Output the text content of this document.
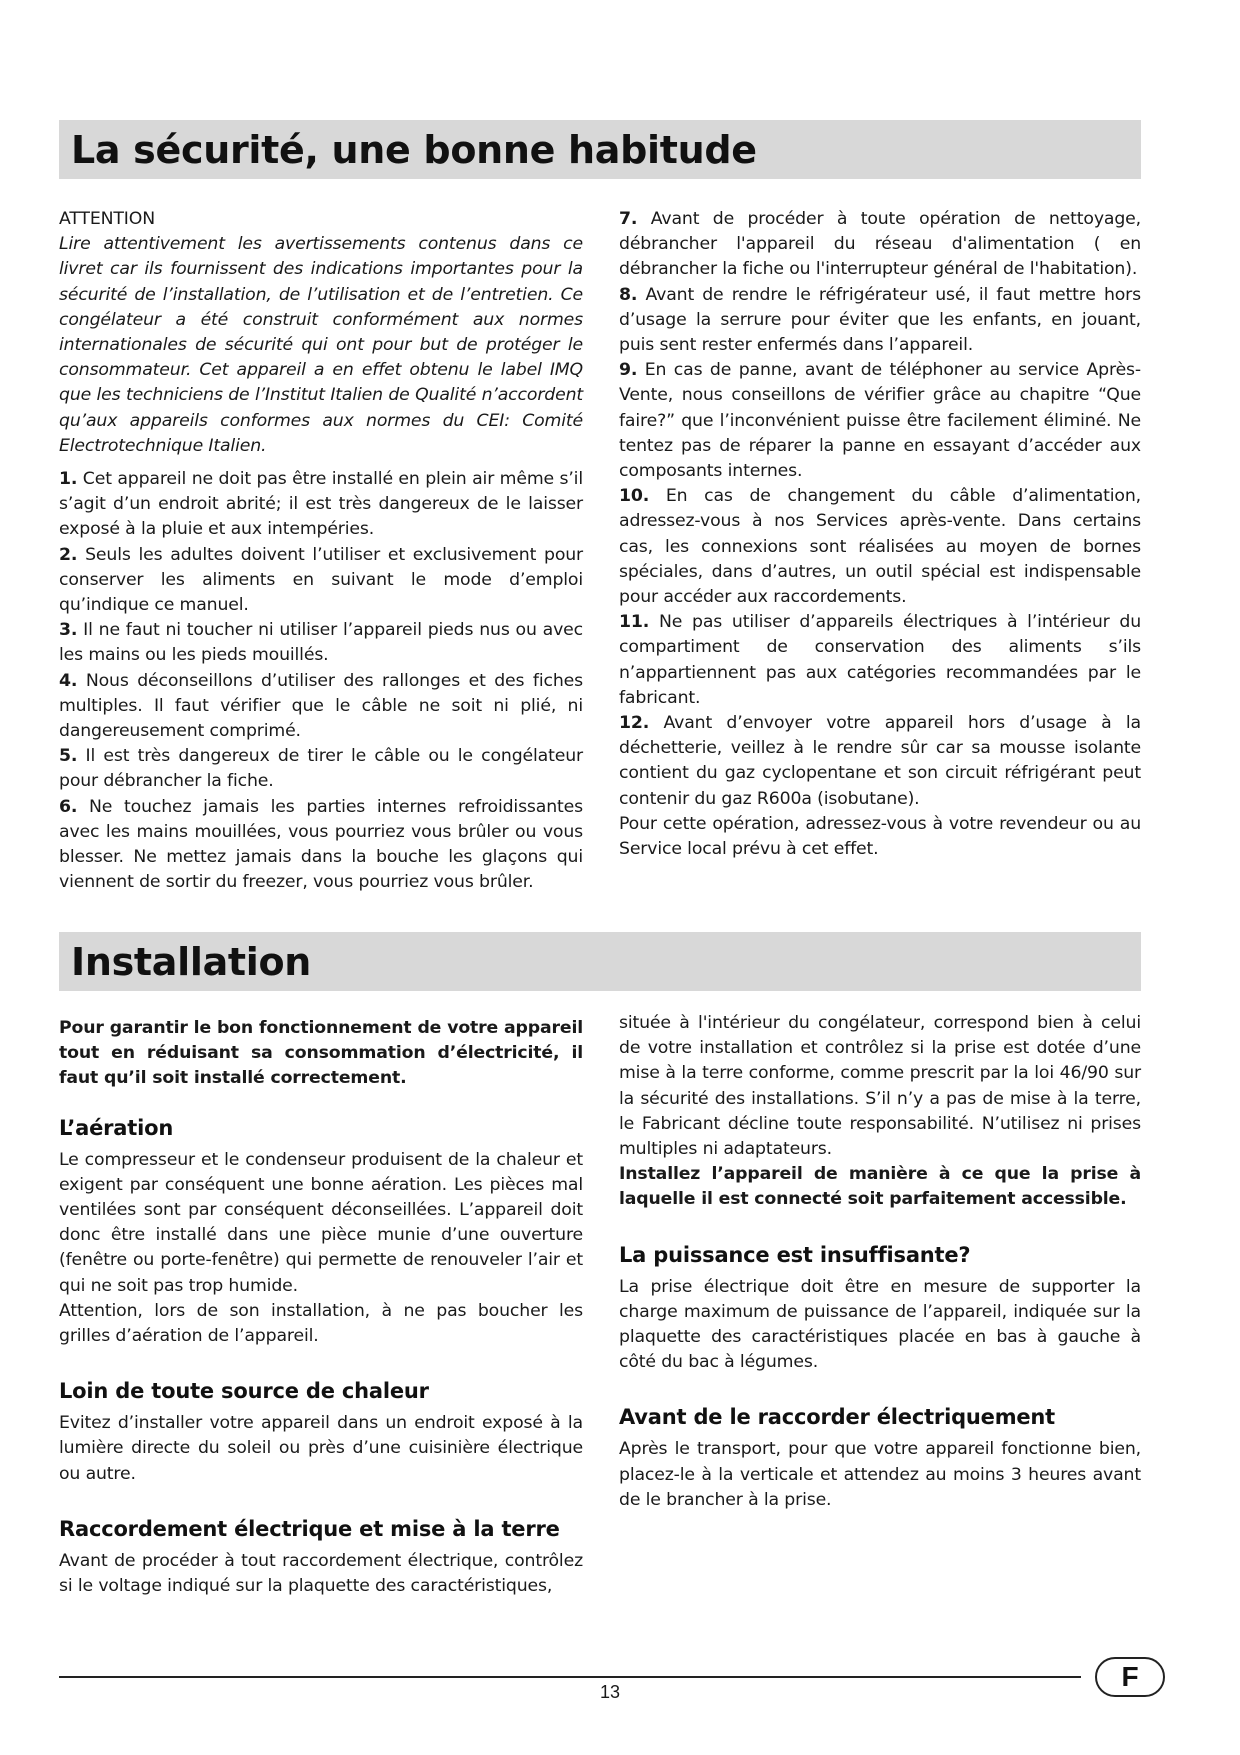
La sécurité, une bonne habitude

ATTENTION

Lire attentivement les avertissements contenus dans ce livret car ils fournissent des indications importantes pour la sécurité de l’installation, de l’utilisation et de l’entretien. Ce congélateur a été construit conformément aux normes internationales de sécurité qui ont pour but de protéger le consommateur. Cet appareil a en effet obtenu le label IMQ que les techniciens de l’Institut Italien de Qualité n’accordent qu’aux appareils conformes aux normes du CEI: Comité Electrotechnique Italien.

1. Cet appareil ne doit pas être installé en plein air même s’il s’agit d’un endroit abrité; il est très dangereux de le laisser exposé à la pluie et aux intempéries.

2. Seuls les adultes doivent l’utiliser et exclusivement pour conserver les aliments en suivant le mode d’emploi qu’indique ce manuel.

3. Il ne faut ni toucher ni utiliser l’appareil pieds nus ou avec les mains ou les pieds mouillés.

4. Nous déconseillons d’utiliser des rallonges et des fiches multiples. Il faut vérifier que le câble ne soit ni plié, ni dangereusement comprimé.

5. Il est très dangereux de tirer le câble ou le congélateur pour débrancher la fiche.

6. Ne touchez jamais les parties internes refroidissantes avec les mains mouillées, vous pourriez vous brûler ou vous blesser. Ne mettez jamais dans la bouche les glaçons qui viennent de sortir du freezer, vous pourriez vous brûler.

7. Avant de procéder à toute opération de nettoyage, débrancher l'appareil du réseau d'alimentation ( en débrancher la fiche ou l'interrupteur général de l'habitation).

8. Avant de rendre le réfrigérateur usé, il faut mettre hors d’usage la serrure pour éviter que les enfants, en jouant, puis sent rester enfermés dans l’appareil.

9. En cas de panne, avant de téléphoner au service Après-Vente, nous conseillons de vérifier grâce au chapitre “Que faire?” que l’inconvénient puisse être facilement éliminé. Ne tentez pas de réparer la panne en essayant d’accéder aux composants internes.

10. En cas de changement du câble d’alimentation, adressez-vous à nos Services après-vente. Dans certains cas, les connexions sont réalisées au moyen de bornes spéciales, dans d’autres, un outil spécial est indispensable pour accéder aux raccordements.

11. Ne pas utiliser d’appareils électriques à l’intérieur du compartiment de conservation des aliments s’ils n’appartiennent pas aux catégories recommandées par le fabricant.

12. Avant d’envoyer votre appareil hors d’usage à la déchetterie, veillez à le rendre sûr car sa mousse isolante contient du gaz cyclopentane et son circuit réfrigérant peut contenir du gaz R600a (isobutane).

Pour cette opération, adressez-vous à votre revendeur ou au Service local prévu à cet effet.

Installation

Pour garantir le bon fonctionnement de votre appareil tout en réduisant sa consommation d’électricité, il faut qu’il soit installé correctement.

L’aération

Le compresseur et le condenseur produisent de la chaleur et exigent par conséquent une bonne aération. Les pièces mal ventilées sont par conséquent déconseillées. L’appareil doit donc être installé dans une pièce munie d’une ouverture (fenêtre ou porte-fenêtre) qui permette de renouveler l’air et qui ne soit pas trop humide.

Attention, lors de son installation, à ne pas boucher les grilles d’aération de l’appareil.

Loin de toute source de chaleur

Evitez d’installer votre appareil dans un endroit exposé à la lumière directe du soleil ou près d’une cuisinière électrique ou autre.

Raccordement électrique et mise à la terre

Avant de procéder à tout raccordement électrique, contrôlez si le voltage indiqué sur la plaquette des caractéristiques,

située à l'intérieur du congélateur, correspond bien à celui de votre installation et contrôlez si la prise est dotée d’une mise à la terre conforme, comme prescrit par la loi 46/90 sur la sécurité des installations. S’il n’y a pas de mise à la terre, le Fabricant décline toute responsabilité. N’utilisez ni prises multiples ni adaptateurs.

Installez l’appareil de manière à ce que la prise à laquelle il est connecté soit parfaitement accessible.

La puissance est insuffisante?

La prise électrique doit être en mesure de supporter la charge maximum de puissance de l’appareil, indiquée sur la plaquette des caractéristiques placée en bas à gauche à côté du bac à légumes.

Avant de le raccorder électriquement

Après le transport, pour que votre appareil fonctionne bien, placez-le à la verticale et attendez au moins 3 heures avant de le brancher à la prise.

13	F
